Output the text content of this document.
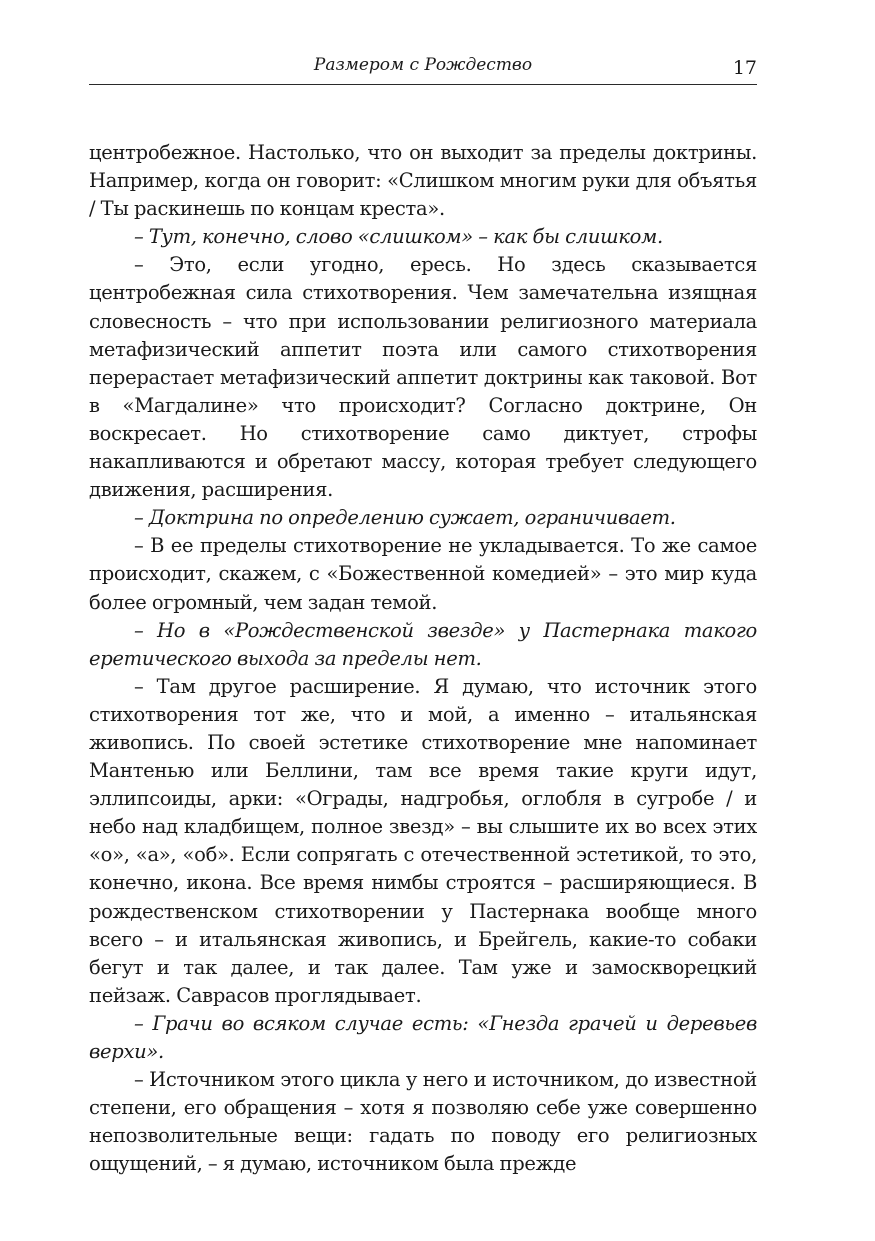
Размером с Рождество	17

центробежное. Настолько, что он выходит за пределы доктрины. Например, когда он говорит: «Слишком многим руки для объятья / Ты раскинешь по концам креста».

– Тут, конечно, слово «слишком» – как бы слишком.

– Это, если угодно, ересь. Но здесь сказывается центробежная сила стихотворения. Чем замечательна изящная словесность – что при использовании религиозного материала метафизический аппетит поэта или самого стихотворения перерастает метафизический аппетит доктрины как таковой. Вот в «Магдалине» что происходит? Согласно доктрине, Он воскресает. Но стихотворение само диктует, строфы накапливаются и обретают массу, которая требует следующего движения, расширения.

– Доктрина по определению сужает, ограничивает.

– В ее пределы стихотворение не укладывается. То же самое происходит, скажем, с «Божественной комедией» – это мир куда более огромный, чем задан темой.

– Но в «Рождественской звезде» у Пастернака такого еретического выхода за пределы нет.

– Там другое расширение. Я думаю, что источник этого стихотворения тот же, что и мой, а именно – итальянская живопись. По своей эстетике стихотворение мне напоминает Мантенью или Беллини, там все время такие круги идут, эллипсоиды, арки: «Ограды, надгробья, оглобля в сугробе / и небо над кладбищем, полное звезд» – вы слышите их во всех этих «о», «а», «об». Если сопрягать с отечественной эстетикой, то это, конечно, икона. Все время нимбы строятся – расширяющиеся. В рождественском стихотворении у Пастернака вообще много всего – и итальянская живопись, и Брейгель, какие-то собаки бегут и так далее, и так далее. Там уже и замоскворецкий пейзаж. Саврасов проглядывает.

– Грачи во всяком случае есть: «Гнезда грачей и деревьев верхи».

– Источником этого цикла у него и источником, до известной степени, его обращения – хотя я позволяю себе уже совершенно непозволительные вещи: гадать по поводу его религиозных ощущений, – я думаю, источником была прежде
